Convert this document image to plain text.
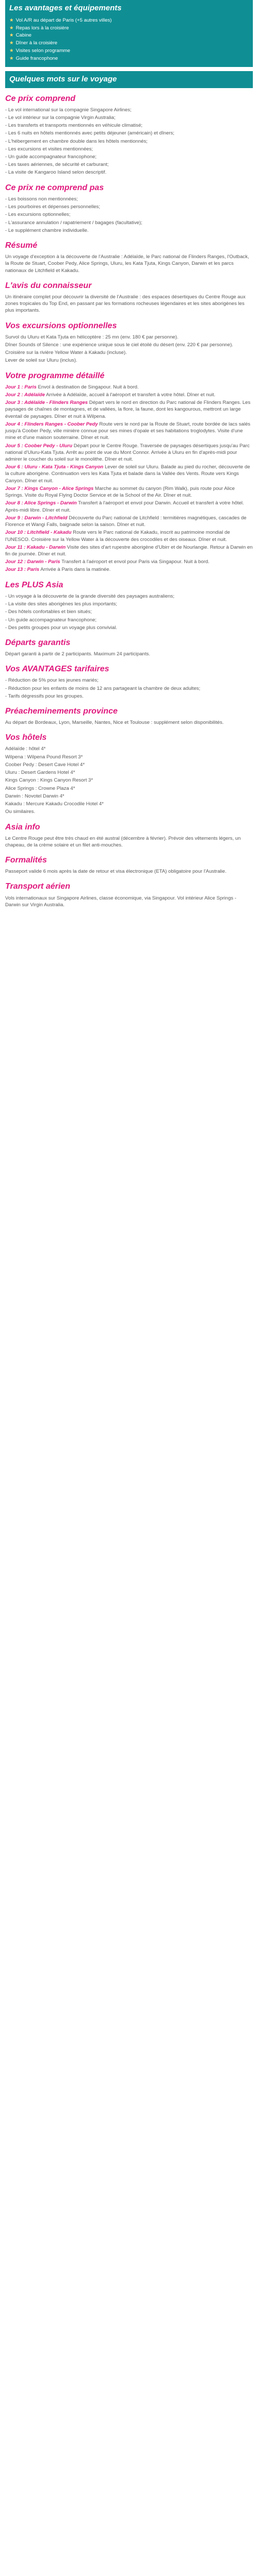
Les avantages et équipements
★ Vol A/R au départ de Paris (+5 autres villes)
★ Repas lors à la croisière
★ Cabine
★ Dîner à la croisière
★ Visites selon programme
★ Guide francophone
Quelques mots sur le voyage
Ce prix comprend
- Le vol international sur la compagnie Singapore Airlines;
- Le vol intérieur sur la compagnie Virgin Australia;
- Les transferts et transports mentionnés en véhicule climatisé;
- Les 6 nuits en hôtels mentionnés avec petits déjeuner (américain) et dîners;
- L'hébergement en chambre double dans les hôtels mentionnés;
- Les excursions et visites mentionnées;
- Un guide accompagnateur francophone;
- Les taxes aériennes, de sécurité et carburant;
- La visite de Kangaroo Island selon descriptif.
Ce prix ne comprend pas
- Les boissons non mentionnées;
- Les pourboires et dépenses personnelles;
- Les excursions optionnelles;
- L'assurance annulation / rapatriement / bagages (facultative);
- Le supplément chambre individuelle.
Résumé
Un voyage d'exception à la découverte de l'Australie : Adélaïde, le Parc national de Flinders Ranges, l'Outback, la Route de Stuart, Coober Pedy, Alice Springs, Uluru, les Kata Tjuta, Kings Canyon, Darwin et les parcs nationaux de Litchfield et Kakadu.
L'avis du connaisseur
Un itinéraire complet pour découvrir la diversité de l'Australie : des espaces désertiques du Centre Rouge aux zones tropicales du Top End, en passant par les formations rocheuses légendaires et les sites aborigènes les plus importants.
Vos excursions optionnelles
Survol du Uluru et Kata Tjuta en hélicoptère : 25 mn (env. 180 € par personne).
Dîner Sounds of Silence : une expérience unique sous le ciel étoilé du désert (env. 220 € par personne).
Croisière sur la rivière Yellow Water à Kakadu (incluse).
Lever de soleil sur Uluru (inclus).
Votre programme détaillé
Jour 1 : Paris Envol à destination de Singapour. Nuit à bord.
Jour 2 : Adélaïde Arrivée à Adélaïde, accueil à l'aéroport et transfert à votre hôtel. Dîner et nuit.
Jour 3 : Adélaïde - Flinders Ranges Départ vers le nord en direction du Parc national de Flinders Ranges. Les paysages de chaînes de montagnes, et de vallées, la flore, la faune, dont les kangourous, mettront un large éventail de paysages. Dîner et nuit à Wilpena.
Jour 4 : Flinders Ranges - Coober Pedy Route vers le nord par la Route de Stuart, route bordée de lacs salés jusqu'à Coober Pedy, ville minière connue pour ses mines d'opale et ses habitations troglodytes. Visite d'une mine et d'une maison souterraine. Dîner et nuit.
Jour 5 : Coober Pedy - Uluru Départ pour le Centre Rouge. Traversée de paysages désertiques jusqu'au Parc national d'Uluru-Kata Tjuta. Arrêt au point de vue du Mont Connor. Arrivée à Uluru en fin d'après-midi pour admirer le coucher du soleil sur le monolithe. Dîner et nuit.
Jour 6 : Uluru - Kata Tjuta - Kings Canyon Lever de soleil sur Uluru. Balade au pied du rocher, découverte de la culture aborigène. Continuation vers les Kata Tjuta et balade dans la Vallée des Vents. Route vers Kings Canyon. Dîner et nuit.
Jour 7 : Kings Canyon - Alice Springs Marche au sommet du canyon (Rim Walk), puis route pour Alice Springs. Visite du Royal Flying Doctor Service et de la School of the Air. Dîner et nuit.
Jour 8 : Alice Springs - Darwin Transfert à l'aéroport et envol pour Darwin. Accueil et transfert à votre hôtel. Après-midi libre. Dîner et nuit.
Jour 9 : Darwin - Litchfield Découverte du Parc national de Litchfield : termitières magnétiques, cascades de Florence et Wangi Falls, baignade selon la saison. Dîner et nuit.
Jour 10 : Litchfield - Kakadu Route vers le Parc national de Kakadu, inscrit au patrimoine mondial de l'UNESCO. Croisière sur la Yellow Water à la découverte des crocodiles et des oiseaux. Dîner et nuit.
Jour 11 : Kakadu - Darwin Visite des sites d'art rupestre aborigène d'Ubirr et de Nourlangie. Retour à Darwin en fin de journée. Dîner et nuit.
Jour 12 : Darwin - Paris Transfert à l'aéroport et envol pour Paris via Singapour. Nuit à bord.
Jour 13 : Paris Arrivée à Paris dans la matinée.
Les PLUS Asia
- Un voyage à la découverte de la grande diversité des paysages australiens;
- La visite des sites aborigènes les plus importants;
- Des hôtels confortables et bien situés;
- Un guide accompagnateur francophone;
- Des petits groupes pour un voyage plus convivial.
Départs garantis
Départ garanti à partir de 2 participants. Maximum 24 participants.
Vos AVANTAGES tarifaires
- Réduction de 5% pour les jeunes mariés;
- Réduction pour les enfants de moins de 12 ans partageant la chambre de deux adultes;
- Tarifs dégressifs pour les groupes.
Préacheminements province
Au départ de Bordeaux, Lyon, Marseille, Nantes, Nice et Toulouse : supplément selon disponibilités.
Vos hôtels
Adélaïde : hôtel 4*
Wilpena : Wilpena Pound Resort 3*
Coober Pedy : Desert Cave Hotel 4*
Uluru : Desert Gardens Hotel 4*
Kings Canyon : Kings Canyon Resort 3*
Alice Springs : Crowne Plaza 4*
Darwin : Novotel Darwin 4*
Kakadu : Mercure Kakadu Crocodile Hotel 4*
Ou similaires.
Asia info
Le Centre Rouge peut être très chaud en été austral (décembre à février). Prévoir des vêtements légers, un chapeau, de la crème solaire et un filet anti-mouches.
Formalités
Passeport valide 6 mois après la date de retour et visa électronique (ETA) obligatoire pour l'Australie.
Transport aérien
Vols internationaux sur Singapore Airlines, classe économique, via Singapour. Vol intérieur Alice Springs - Darwin sur Virgin Australia.
